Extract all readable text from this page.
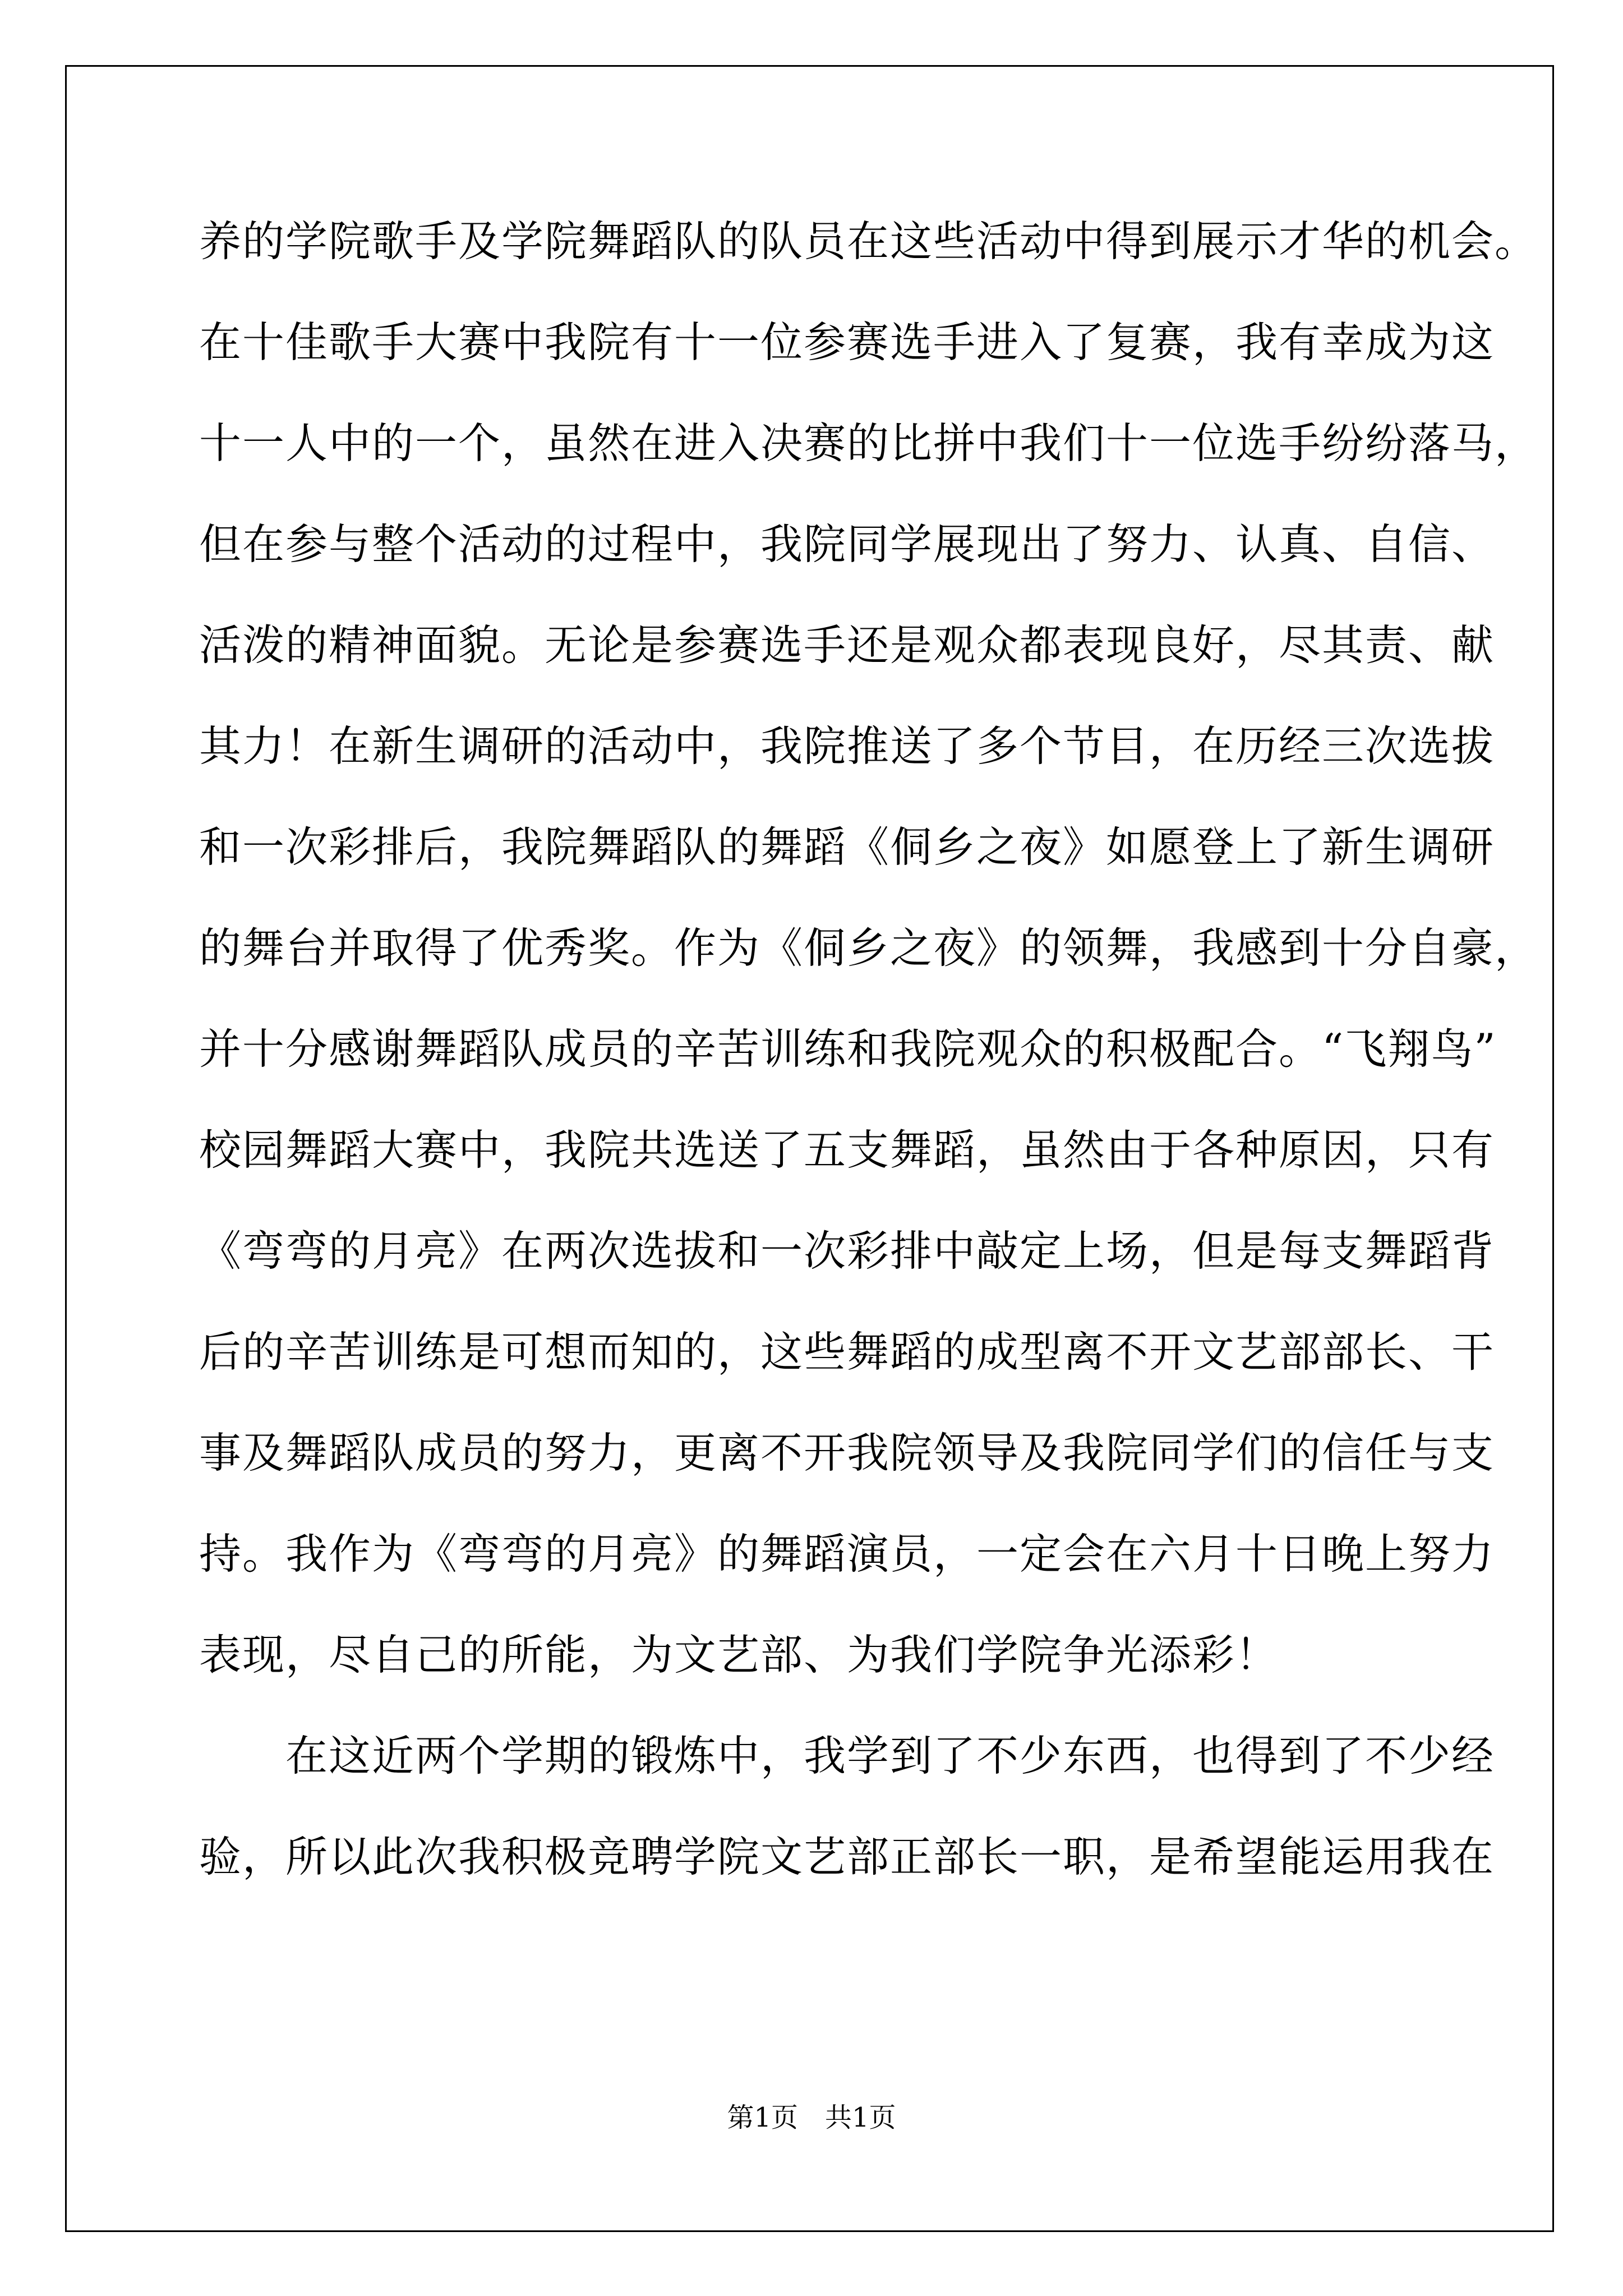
养的学院歌手及学院舞蹈队的队员在这些活动中得到展示才华的机会。
在十佳歌手大赛中我院有十一位参赛选手进入了复赛，我有幸成为这
十一人中的一个，虽然在进入决赛的比拼中我们十一位选手纷纷落马，
但在参与整个活动的过程中，我院同学展现出了努力、认真、自信、
活泼的精神面貌。无论是参赛选手还是观众都表现良好，尽其责、献
其力！在新生调研的活动中，我院推送了多个节目，在历经三次选拔
和一次彩排后，我院舞蹈队的舞蹈《侗乡之夜》如愿登上了新生调研
的舞台并取得了优秀奖。作为《侗乡之夜》的领舞，我感到十分自豪，
并十分感谢舞蹈队成员的辛苦训练和我院观众的积极配合。“飞翔鸟”
校园舞蹈大赛中，我院共选送了五支舞蹈，虽然由于各种原因，只有
《弯弯的月亮》在两次选拔和一次彩排中敲定上场，但是每支舞蹈背
后的辛苦训练是可想而知的，这些舞蹈的成型离不开文艺部部长、干
事及舞蹈队成员的努力，更离不开我院领导及我院同学们的信任与支
持。我作为《弯弯的月亮》的舞蹈演员，一定会在六月十日晚上努力
表现，尽自己的所能，为文艺部、为我们学院争光添彩！
　　在这近两个学期的锻炼中，我学到了不少东西，也得到了不少经
验，所以此次我积极竞聘学院文艺部正部长一职，是希望能运用我在
第1页　共1页
